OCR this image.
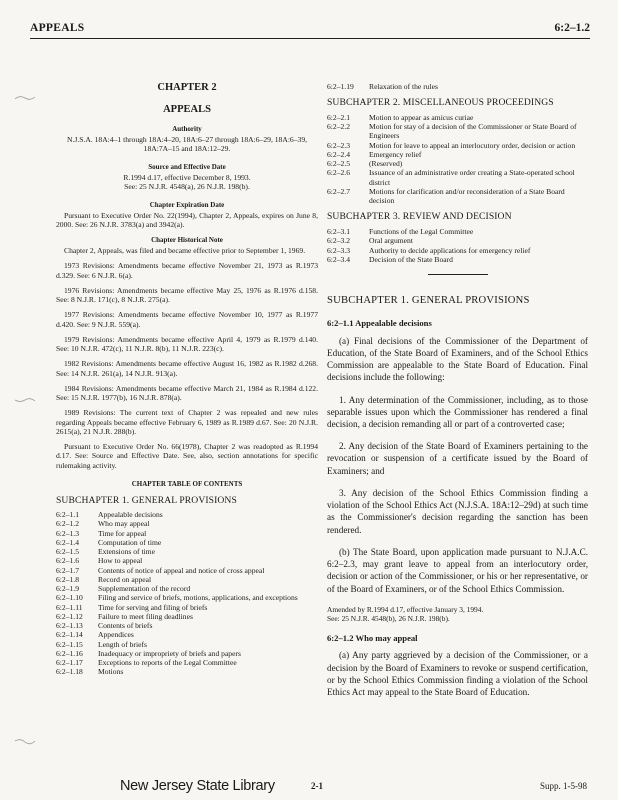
APPEALS	6:2–1.2
CHAPTER 2
APPEALS
Authority
N.J.S.A. 18A:4–1 through 18A:4–20, 18A:6–27 through 18A:6–29, 18A:6–39, 18A:7A–15 and 18A:12–29.
Source and Effective Date
R.1994 d.17, effective December 8, 1993.
See: 25 N.J.R. 4548(a), 26 N.J.R. 198(b).
Chapter Expiration Date
Pursuant to Executive Order No. 22(1994), Chapter 2, Appeals, expires on June 8, 2000. See: 26 N.J.R. 3783(a) and 3942(a).
Chapter Historical Note
Chapter 2, Appeals, was filed and became effective prior to September 1, 1969.
1973 Revisions: Amendments became effective November 21, 1973 as R.1973 d.329. See: 6 N.J.R. 6(a).
1976 Revisions: Amendments became effective May 25, 1976 as R.1976 d.158. See: 8 N.J.R. 171(c), 8 N.J.R. 275(a).
1977 Revisions: Amendments became effective November 10, 1977 as R.1977 d.420. See: 9 N.J.R. 559(a).
1979 Revisions: Amendments became effective April 4, 1979 as R.1979 d.140. See: 10 N.J.R. 472(c), 11 N.J.R. 8(b), 11 N.J.R. 223(c).
1982 Revisions: Amendments became effective August 16, 1982 as R.1982 d.268. See: 14 N.J.R. 261(a), 14 N.J.R. 913(a).
1984 Revisions: Amendments became effective March 21, 1984 as R.1984 d.122. See: 15 N.J.R. 1977(b), 16 N.J.R. 878(a).
1989 Revisions: The current text of Chapter 2 was repealed and new rules regarding Appeals became effective February 6, 1989 as R.1989 d.67. See: 20 N.J.R. 2615(a), 21 N.J.R. 288(b).
Pursuant to Executive Order No. 66(1978), Chapter 2 was readopted as R.1994 d.17. See: Source and Effective Date. See, also, section annotations for specific rulemaking activity.
CHAPTER TABLE OF CONTENTS
SUBCHAPTER 1. GENERAL PROVISIONS
6:2–1.1	Appealable decisions
6:2–1.2	Who may appeal
6:2–1.3	Time for appeal
6:2–1.4	Computation of time
6:2–1.5	Extensions of time
6:2–1.6	How to appeal
6:2–1.7	Contents of notice of appeal and notice of cross appeal
6:2–1.8	Record on appeal
6:2–1.9	Supplementation of the record
6:2–1.10	Filing and service of briefs, motions, applications, and exceptions
6:2–1.11	Time for serving and filing of briefs
6:2–1.12	Failure to meet filing deadlines
6:2–1.13	Contents of briefs
6:2–1.14	Appendices
6:2–1.15	Length of briefs
6:2–1.16	Inadequacy or impropriety of briefs and papers
6:2–1.17	Exceptions to reports of the Legal Committee
6:2–1.18	Motions
6:2–1.19	Relaxation of the rules
SUBCHAPTER 2. MISCELLANEOUS PROCEEDINGS
6:2–2.1	Motion to appear as amicus curiae
6:2–2.2	Motion for stay of a decision of the Commissioner or State Board of Engineers
6:2–2.3	Motion for leave to appeal an interlocutory order, decision or action
6:2–2.4	Emergency relief
6:2–2.5	(Reserved)
6:2–2.6	Issuance of an administrative order creating a State-operated school district
6:2–2.7	Motions for clarification and/or reconsideration of a State Board decision
SUBCHAPTER 3. REVIEW AND DECISION
6:2–3.1	Functions of the Legal Committee
6:2–3.2	Oral argument
6:2–3.3	Authority to decide applications for emergency relief
6:2–3.4	Decision of the State Board
SUBCHAPTER 1. GENERAL PROVISIONS
6:2–1.1 Appealable decisions
(a) Final decisions of the Commissioner of the Department of Education, of the State Board of Examiners, and of the School Ethics Commission are appealable to the State Board of Education. Final decisions include the following:
1. Any determination of the Commissioner, including, as to those separable issues upon which the Commissioner has rendered a final decision, a decision remanding all or part of a controverted case;
2. Any decision of the State Board of Examiners pertaining to the revocation or suspension of a certificate issued by the Board of Examiners; and
3. Any decision of the School Ethics Commission finding a violation of the School Ethics Act (N.J.S.A. 18A:12–29d) at such time as the Commissioner's decision regarding the sanction has been rendered.
(b) The State Board, upon application made pursuant to N.J.A.C. 6:2–2.3, may grant leave to appeal from an interlocutory order, decision or action of the Commissioner, or his or her representative, or of the Board of Examiners, or of the School Ethics Commission.
Amended by R.1994 d.17, effective January 3, 1994.
See: 25 N.J.R. 4548(b), 26 N.J.R. 198(b).
6:2–1.2 Who may appeal
(a) Any party aggrieved by a decision of the Commissioner, or a decision by the Board of Examiners to revoke or suspend certification, or by the School Ethics Commission finding a violation of the School Ethics Act may appeal to the State Board of Education.
New Jersey State Library	2-1	Supp. 1-5-98
